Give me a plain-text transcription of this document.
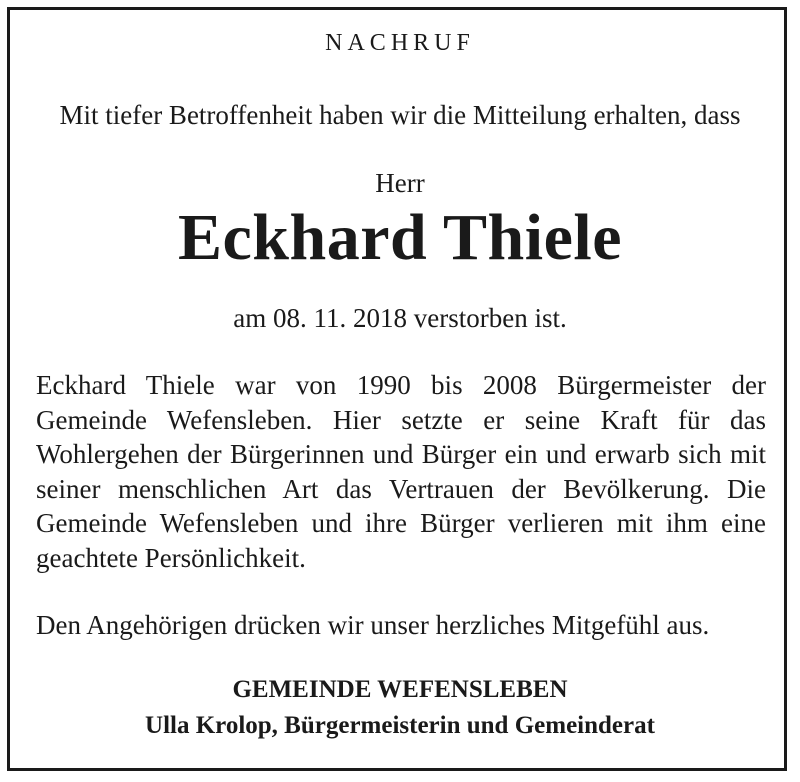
NACHRUF
Mit tiefer Betroffenheit haben wir die Mitteilung erhalten, dass
Herr
Eckhard Thiele
am 08. 11. 2018 verstorben ist.

Eckhard Thiele war von 1990 bis 2008 Bürgermeister der Gemeinde Wefensleben. Hier setzte er seine Kraft für das Wohlergehen der Bürgerinnen und Bürger ein und erwarb sich mit seiner menschlichen Art das Vertrauen der Bevölkerung. Die Gemeinde Wefensleben und ihre Bürger verlieren mit ihm eine geachtete Persönlichkeit.

Den Angehörigen drücken wir unser herzliches Mitgefühl aus.

GEMEINDE WEFENSLEBEN
Ulla Krolop, Bürgermeisterin und Gemeinderat
